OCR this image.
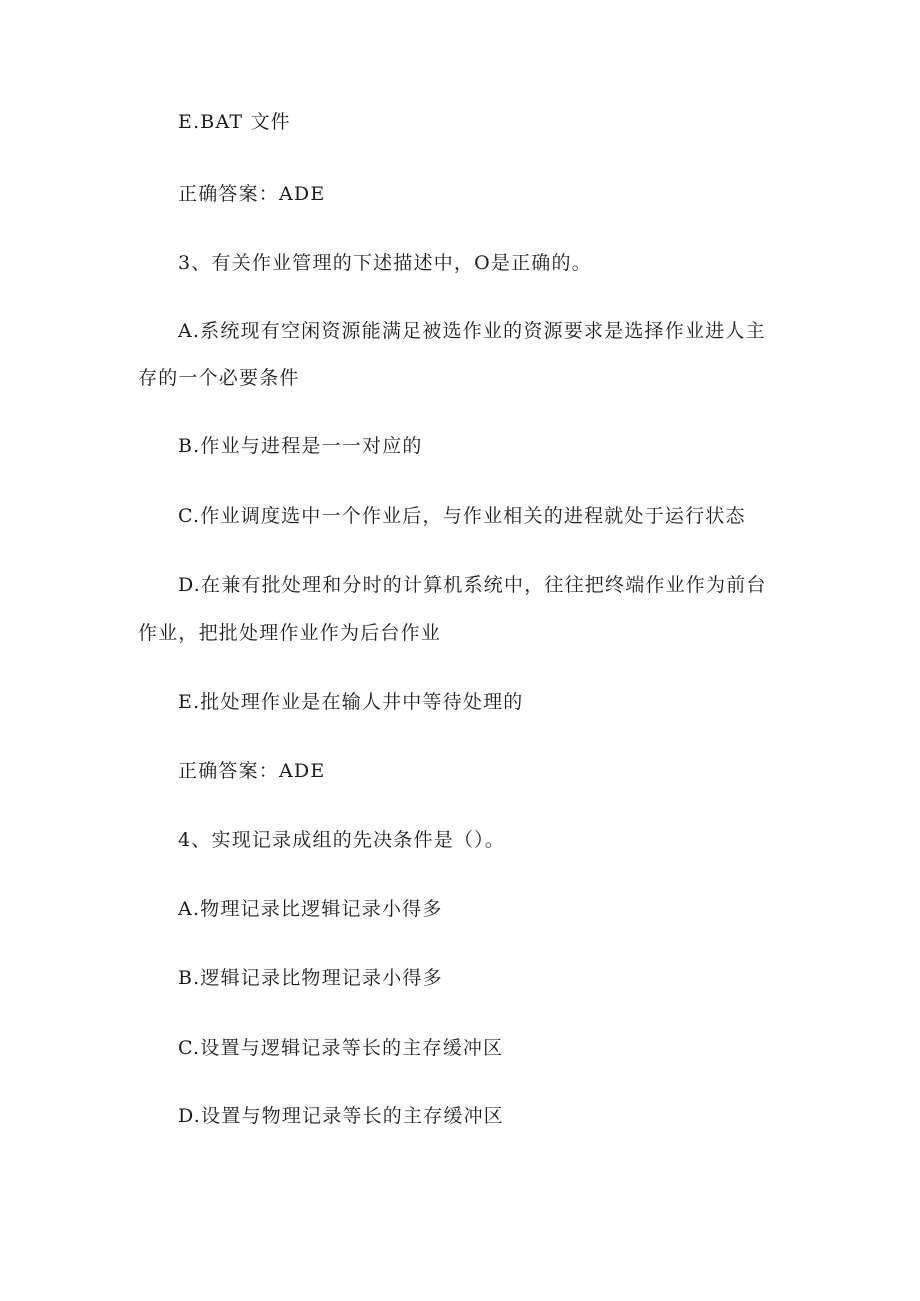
E.BAT 文件
正确答案：ADE
3、有关作业管理的下述描述中，O是正确的。
A.系统现有空闲资源能满足被选作业的资源要求是选择作业进人主
存的一个必要条件
B.作业与进程是一一对应的
C.作业调度选中一个作业后，与作业相关的进程就处于运行状态
D.在兼有批处理和分时的计算机系统中，往往把终端作业作为前台
作业，把批处理作业作为后台作业
E.批处理作业是在输人井中等待处理的
正确答案：ADE
4、实现记录成组的先决条件是（）。
A.物理记录比逻辑记录小得多
B.逻辑记录比物理记录小得多
C.设置与逻辑记录等长的主存缓冲区
D.设置与物理记录等长的主存缓冲区
